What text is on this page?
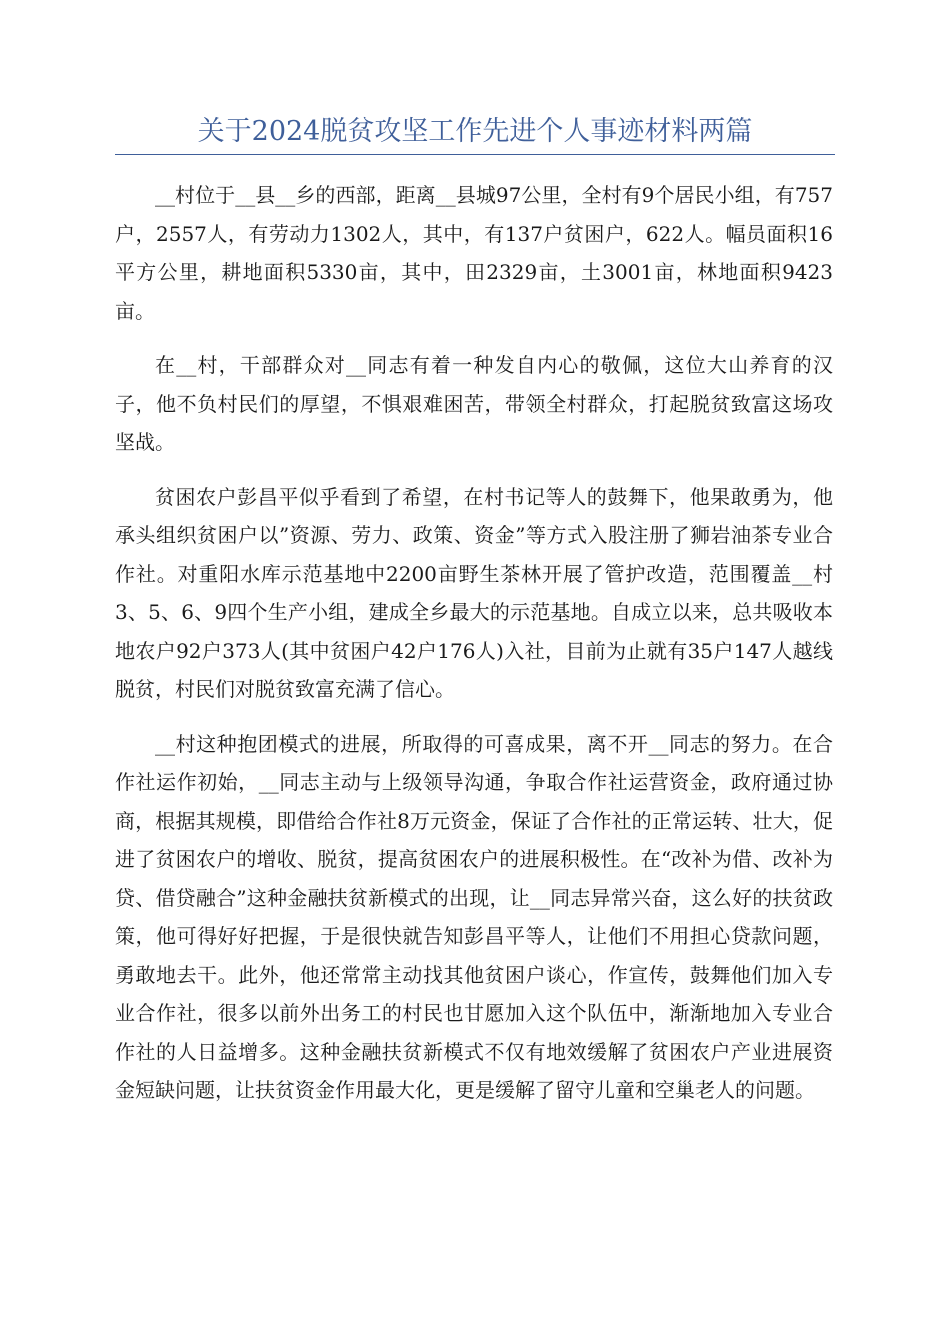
关于2024脱贫攻坚工作先进个人事迹材料两篇

__村位于__县__乡的西部，距离__县城97公里，全村有9个居民小组，有757户，2557人，有劳动力1302人，其中，有137户贫困户，622人。幅员面积16平方公里，耕地面积5330亩，其中，田2329亩，土3001亩，林地面积9423亩。

在__村，干部群众对__同志有着一种发自内心的敬佩，这位大山养育的汉子，他不负村民们的厚望，不惧艰难困苦，带领全村群众，打起脱贫致富这场攻坚战。

贫困农户彭昌平似乎看到了希望，在村书记等人的鼓舞下，他果敢勇为，他承头组织贫困户以”资源、劳力、政策、资金”等方式入股注册了狮岩油茶专业合作社。对重阳水库示范基地中2200亩野生茶林开展了管护改造，范围覆盖__村3、5、6、9四个生产小组，建成全乡最大的示范基地。自成立以来，总共吸收本地农户92户373人(其中贫困户42户176人)入社，目前为止就有35户147人越线脱贫，村民们对脱贫致富充满了信心。

__村这种抱团模式的进展，所取得的可喜成果，离不开__同志的努力。在合作社运作初始，__同志主动与上级领导沟通，争取合作社运营资金，政府通过协商，根据其规模，即借给合作社8万元资金，保证了合作社的正常运转、壮大，促进了贫困农户的增收、脱贫，提高贫困农户的进展积极性。在“改补为借、改补为贷、借贷融合”这种金融扶贫新模式的出现，让__同志异常兴奋，这么好的扶贫政策，他可得好好把握，于是很快就告知彭昌平等人，让他们不用担心贷款问题，勇敢地去干。此外，他还常常主动找其他贫困户谈心，作宣传，鼓舞他们加入专业合作社，很多以前外出务工的村民也甘愿加入这个队伍中，渐渐地加入专业合作社的人日益增多。这种金融扶贫新模式不仅有地效缓解了贫困农户产业进展资金短缺问题，让扶贫资金作用最大化，更是缓解了留守儿童和空巢老人的问题。
